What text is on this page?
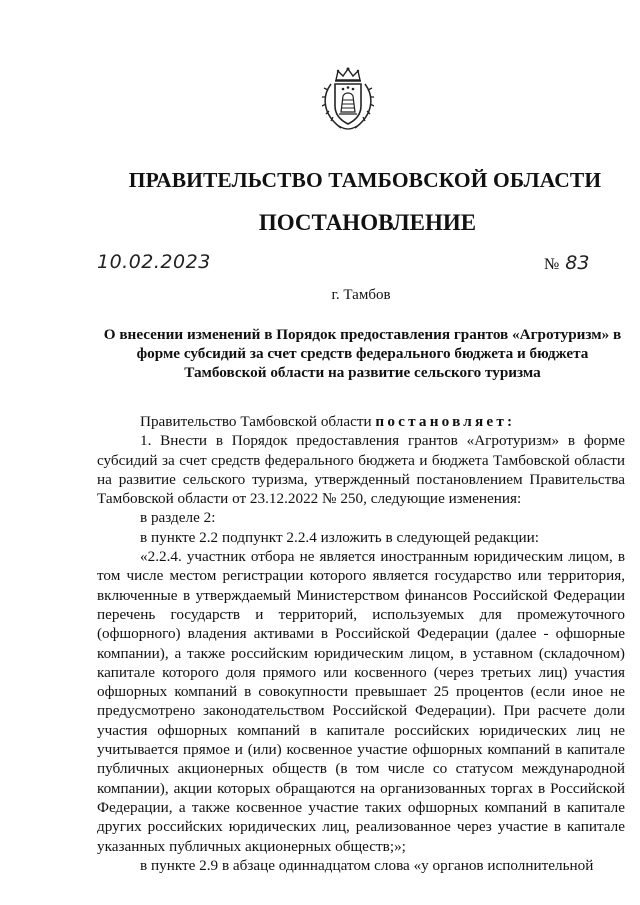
ПРАВИТЕЛЬСТВО ТАМБОВСКОЙ ОБЛАСТИ
ПОСТАНОВЛЕНИЕ
10.02.2023	№ 83
г. Тамбов
О внесении изменений в Порядок предоставления грантов «Агротуризм» в форме субсидий за счет средств федерального бюджета и бюджета Тамбовской области на развитие сельского туризма

Правительство Тамбовской области постановляет:

1. Внести в Порядок предоставления грантов «Агротуризм» в форме субсидий за счет средств федерального бюджета и бюджета Тамбовской области на развитие сельского туризма, утвержденный постановлением Правительства Тамбовской области от 23.12.2022 № 250, следующие изменения:

в разделе 2:

в пункте 2.2 подпункт 2.2.4 изложить в следующей редакции:

«2.2.4. участник отбора не является иностранным юридическим лицом, в том числе местом регистрации которого является государство или территория, включенные в утверждаемый Министерством финансов Российской Федерации перечень государств и территорий, используемых для промежуточного (офшорного) владения активами в Российской Федерации (далее - офшорные компании), а также российским юридическим лицом, в уставном (складочном) капитале которого доля прямого или косвенного (через третьих лиц) участия офшорных компаний в совокупности превышает 25 процентов (если иное не предусмотрено законодательством Российской Федерации). При расчете доли участия офшорных компаний в капитале российских юридических лиц не учитывается прямое и (или) косвенное участие офшорных компаний в капитале публичных акционерных обществ (в том числе со статусом международной компании), акции которых обращаются на организованных торгах в Российской Федерации, а также косвенное участие таких офшорных компаний в капитале других российских юридических лиц, реализованное через участие в капитале указанных публичных акционерных обществ;»;

в пункте 2.9 в абзаце одиннадцатом слова «у органов исполнительной
